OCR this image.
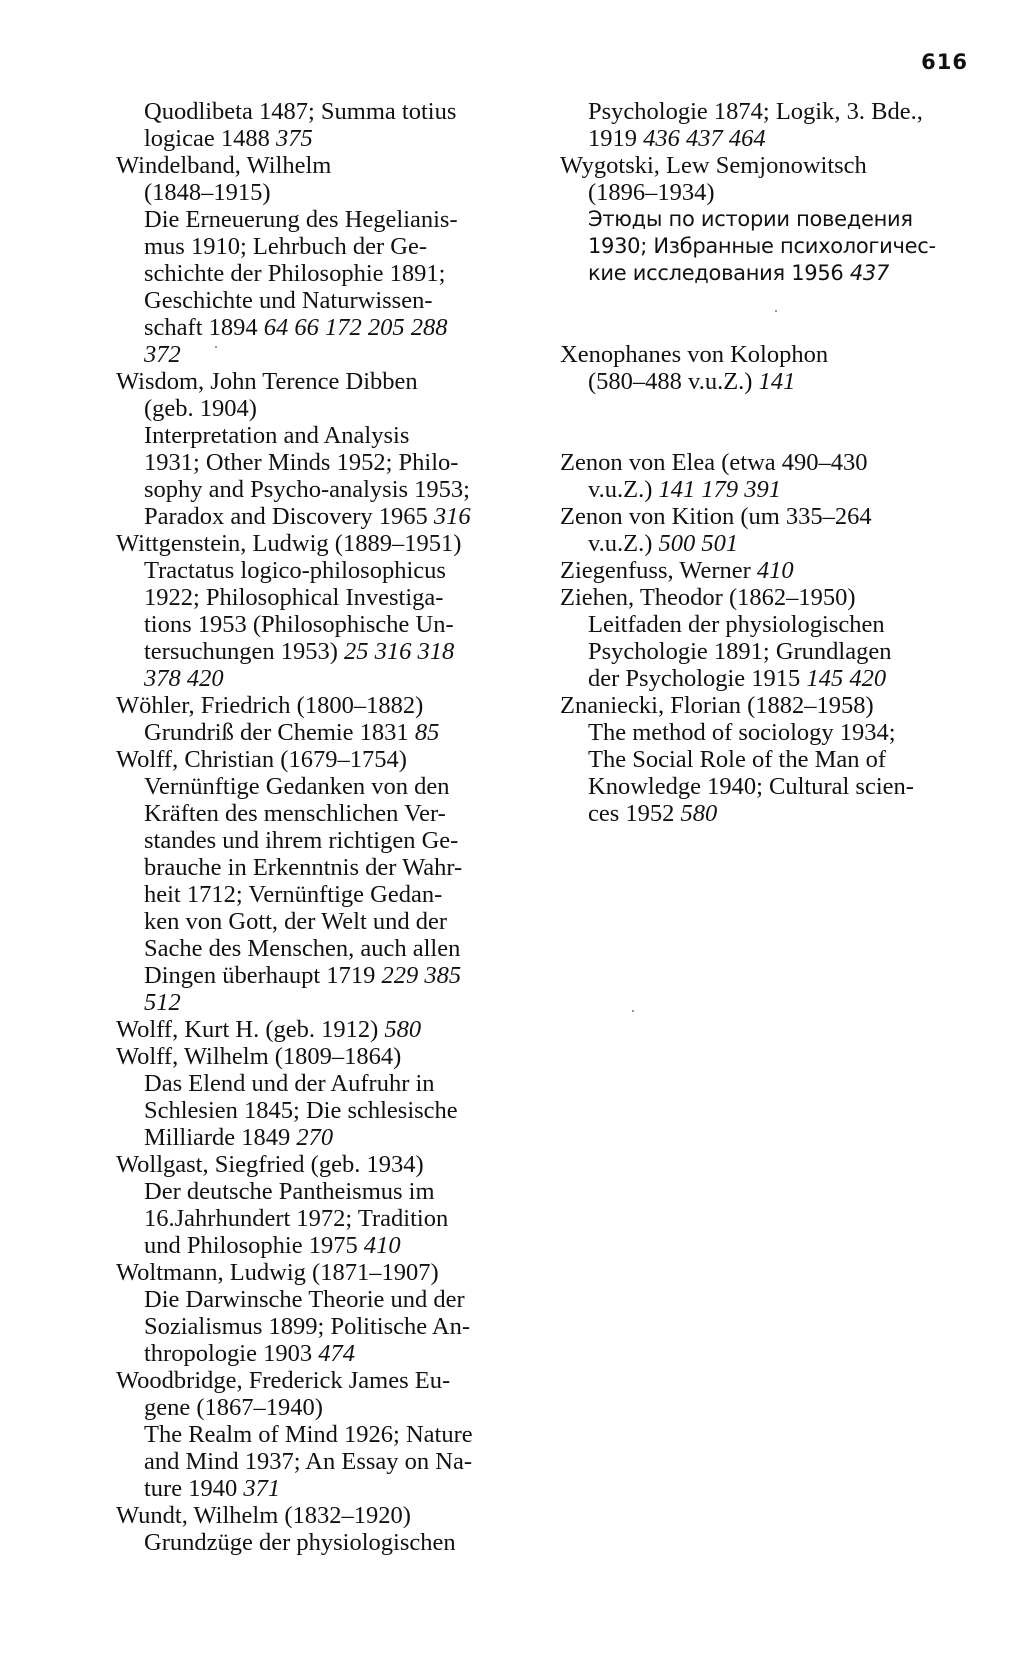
616
Quodlibeta 1487; Summa totius
logicae 1488 375
Windelband, Wilhelm
(1848–1915)
Die Erneuerung des Hegelianis-
mus 1910; Lehrbuch der Ge-
schichte der Philosophie 1891;
Geschichte und Naturwissen-
schaft 1894 64 66 172 205 288
372
Wisdom, John Terence Dibben
(geb. 1904)
Interpretation and Analysis
1931; Other Minds 1952; Philo-
sophy and Psycho-analysis 1953;
Paradox and Discovery 1965 316
Wittgenstein, Ludwig (1889–1951)
Tractatus logico-philosophicus
1922; Philosophical Investiga-
tions 1953 (Philosophische Un-
tersuchungen 1953) 25 316 318
378 420
Wöhler, Friedrich (1800–1882)
Grundriß der Chemie 1831 85
Wolff, Christian (1679–1754)
Vernünftige Gedanken von den
Kräften des menschlichen Ver-
standes und ihrem richtigen Ge-
brauche in Erkenntnis der Wahr-
heit 1712; Vernünftige Gedan-
ken von Gott, der Welt und der
Sache des Menschen, auch allen
Dingen überhaupt 1719 229 385
512
Wolff, Kurt H. (geb. 1912) 580
Wolff, Wilhelm (1809–1864)
Das Elend und der Aufruhr in
Schlesien 1845; Die schlesische
Milliarde 1849 270
Wollgast, Siegfried (geb. 1934)
Der deutsche Pantheismus im
16.Jahrhundert 1972; Tradition
und Philosophie 1975 410
Woltmann, Ludwig (1871–1907)
Die Darwinsche Theorie und der
Sozialismus 1899; Politische An-
thropologie 1903 474
Woodbridge, Frederick James Eu-
gene (1867–1940)
The Realm of Mind 1926; Nature
and Mind 1937; An Essay on Na-
ture 1940 371
Wundt, Wilhelm (1832–1920)
Grundzüge der physiologischen
Psychologie 1874; Logik, 3. Bde.,
1919 436 437 464
Wygotski, Lew Semjonowitsch
(1896–1934)
Этюды по истории поведения
1930; Избранные психологичес-
кие исследования 1956 437
Xenophanes von Kolophon
(580–488 v.u.Z.) 141
Zenon von Elea (etwa 490–430
v.u.Z.) 141 179 391
Zenon von Kition (um 335–264
v.u.Z.) 500 501
Ziegenfuss, Werner 410
Ziehen, Theodor (1862–1950)
Leitfaden der physiologischen
Psychologie 1891; Grundlagen
der Psychologie 1915 145 420
Znaniecki, Florian (1882–1958)
The method of sociology 1934;
The Social Role of the Man of
Knowledge 1940; Cultural scien-
ces 1952 580
